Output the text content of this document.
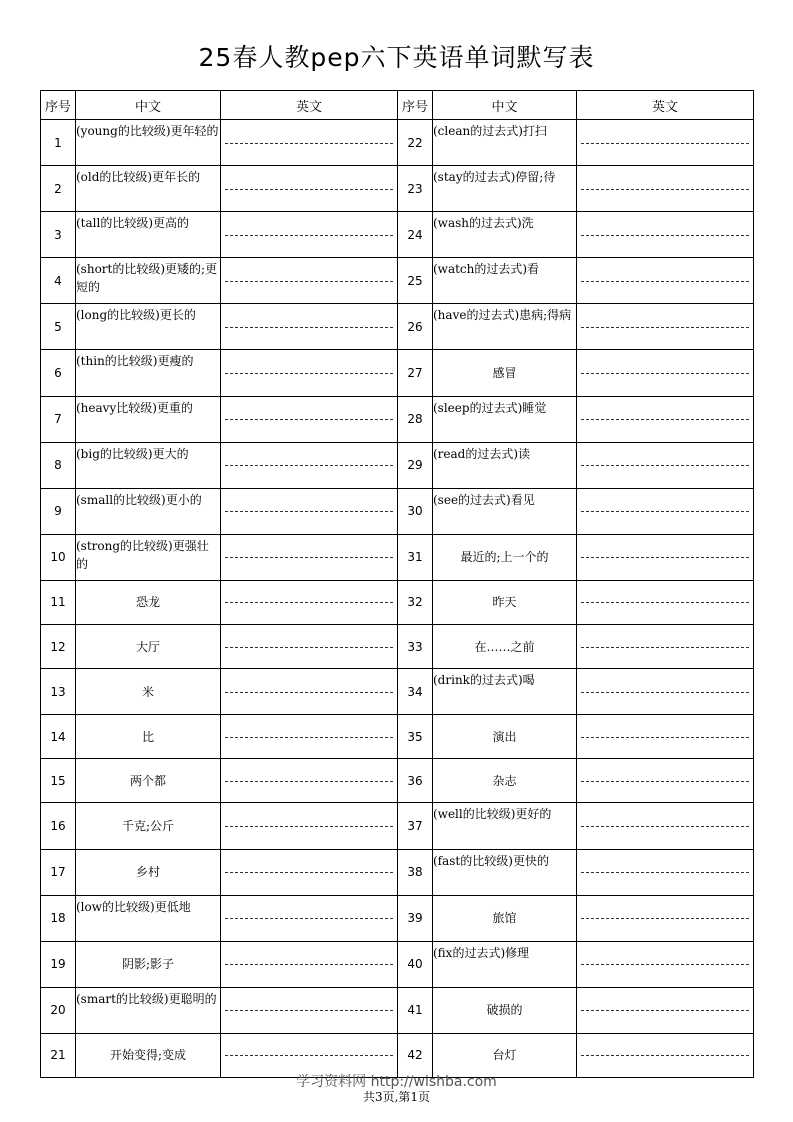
25春人教pep六下英语单词默写表
序号	中文	英文	序号	中文	英文
1	(young的比较级)更年轻的		22	(clean的过去式)打扫	

2	(old的比较级)更年长的		23	(stay的过去式)停留;待	

3	(tall的比较级)更高的		24	(wash的过去式)洗	

4	(short的比较级)更矮的;更短的		25	(watch的过去式)看	

5	(long的比较级)更长的		26	(have的过去式)患病;得病	

6	(thin的比较级)更瘦的		27	感冒	

7	(heavy比较级)更重的		28	(sleep的过去式)睡觉	

8	(big的比较级)更大的		29	(read的过去式)读	

9	(small的比较级)更小的		30	(see的过去式)看见	

10	(strong的比较级)更强壮的		31	最近的;上一个的	

11	恐龙		32	昨天	

12	大厅		33	在……之前	

13	米		34	(drink的过去式)喝	

14	比		35	演出	

15	两个都		36	杂志	

16	千克;公斤		37	(well的比较级)更好的	

17	乡村		38	(fast的比较级)更快的	

18	(low的比较级)更低地		39	旅馆	

19	阴影;影子		40	(fix的过去式)修理	

20	(smart的比较级)更聪明的		41	破损的	

21	开始变得;变成		42	台灯	
学习资料网 http://wishba.com
共3页,第1页
